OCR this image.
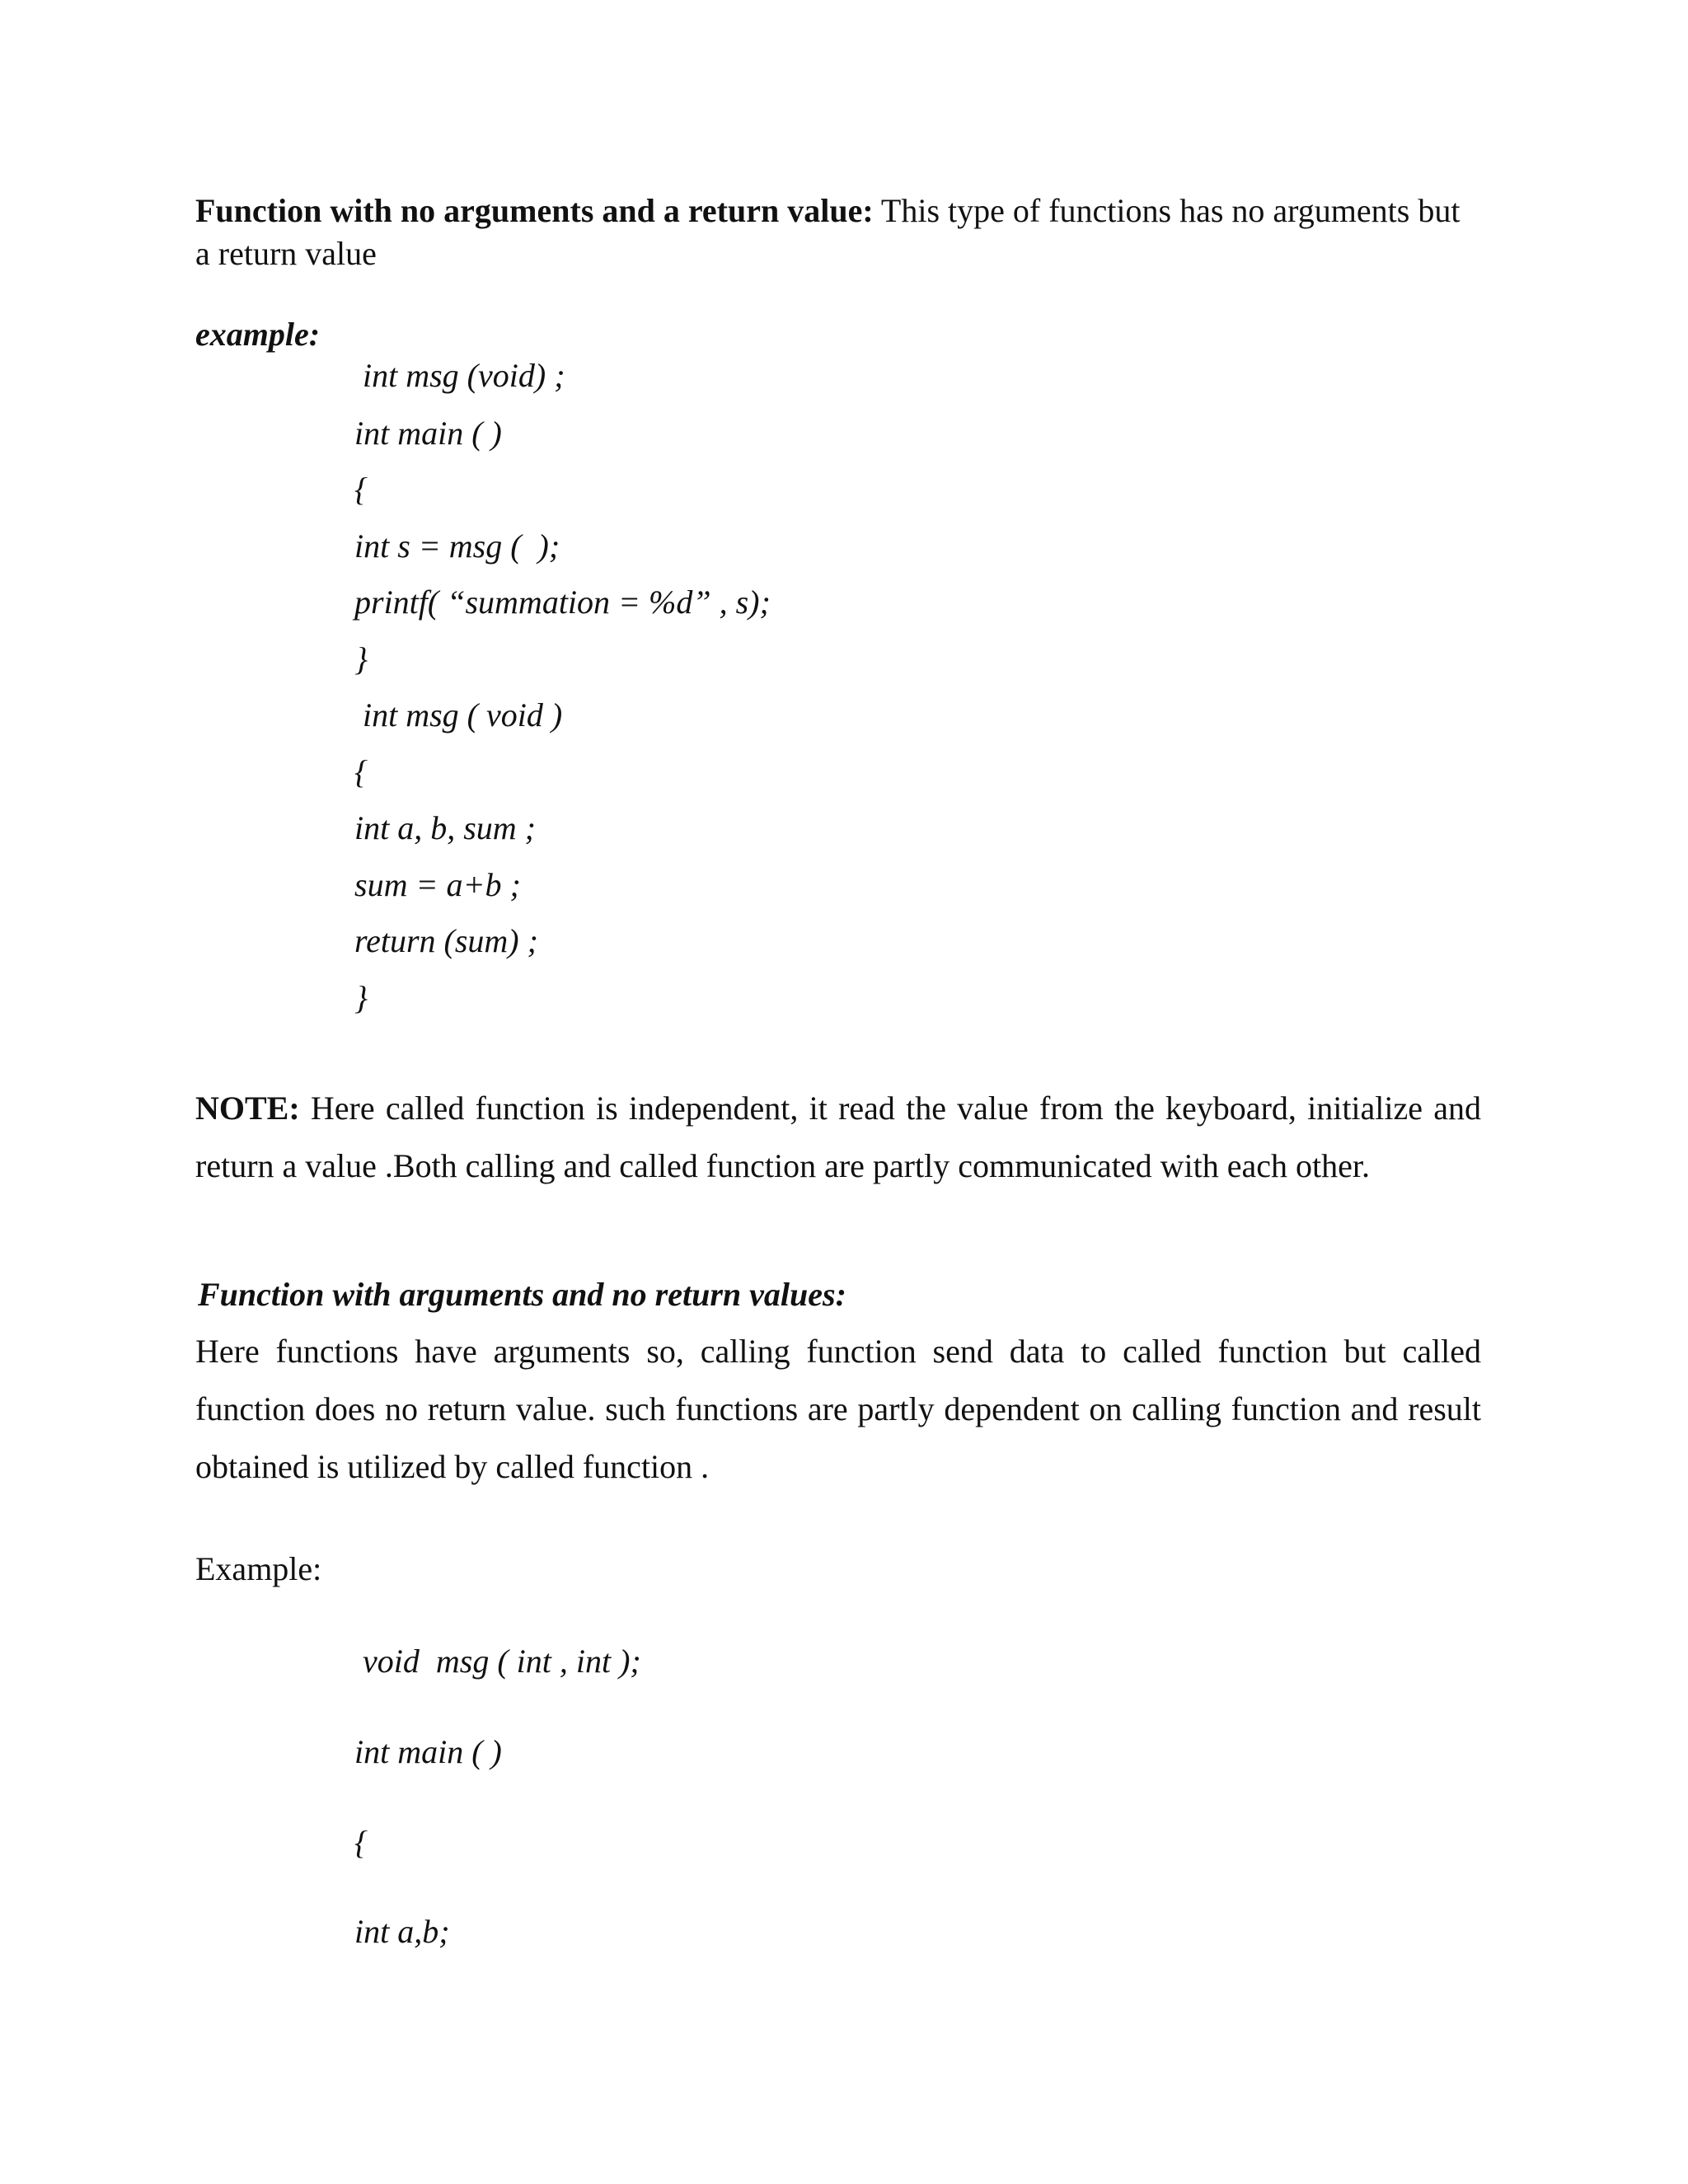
Function with no arguments and a return value: This type of functions has no arguments but a return value

example:

int msg (void) ;

int main ( )

{

int s = msg (  );

printf( “summation = %d” , s);

}

int msg ( void )

{

int a, b, sum ;

sum = a+b ;

return (sum) ;

}

NOTE: Here called function is independent, it read the value from the keyboard, initialize and return a value .Both calling and called function are partly communicated with each other.

Function with arguments and no return values:

Here functions have arguments so, calling function send data to called function but called function does no return value. such functions are partly dependent on calling function and result obtained is utilized by called function .

Example:

void  msg ( int , int );

int main ( )

{

int a,b;
